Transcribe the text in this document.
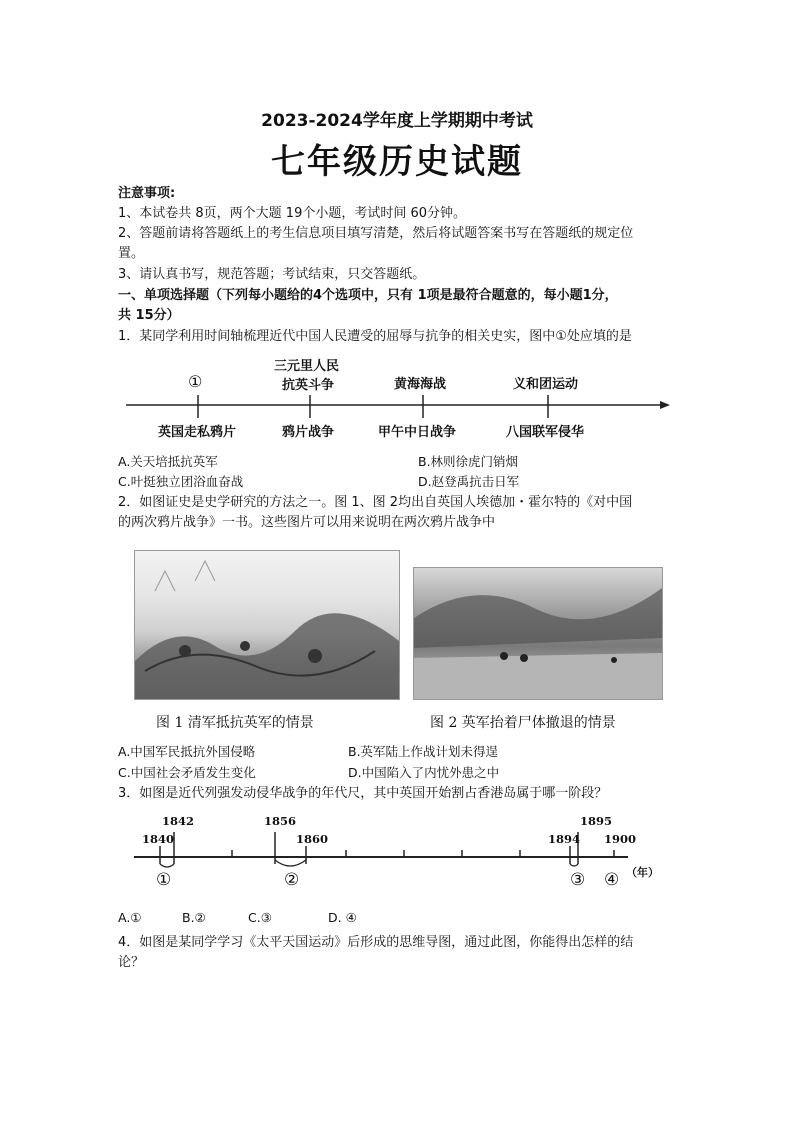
2023-2024学年度上学期期中考试
七年级历史试题
注意事项:
1、本试卷共 8页，两个大题 19个小题，考试时间 60分钟。
2、答题前请将答题纸上的考生信息项目填写清楚，然后将试题答案书写在答题纸的规定位
置。
3、请认真书写，规范答题；考试结束，只交答题纸。
一、单项选择题（下列每小题给的4个选项中，只有 1项是最符合题意的，每小题1分，
共 15分）
1．某同学利用时间轴梳理近代中国人民遭受的屈辱与抗争的相关史实，图中①处应填的是
①
三元里人民
抗英斗争	黄海海战	义和团运动
英国走私鸦片	鸦片战争	甲午中日战争	八国联军侵华
A.关天培抵抗英军	B.林则徐虎门销烟
C.叶挺独立团浴血奋战	D.赵登禹抗击日军
2．如图证史是史学研究的方法之一。图 1、图 2均出自英国人埃德加・霍尔特的《对中国
的两次鸦片战争》一书。这些图片可以用来说明在两次鸦片战争中
图 1 清军抵抗英军的情景	图 2 英军抬着尸体撤退的情景
A.中国军民抵抗外国侵略	B.英军陆上作战计划未得逞
C.中国社会矛盾发生变化	D.中国陷入了内忧外患之中
3．如图是近代列强发动侵华战争的年代尺，其中英国开始割占香港岛属于哪一阶段？
1842
1840
1856
1860
1895
1894 1900
①	②	③ ④ （年）
A.①	B.②	C.③	D. ④
4．如图是某同学学习《太平天国运动》后形成的思维导图，通过此图，你能得出怎样的结
论？
